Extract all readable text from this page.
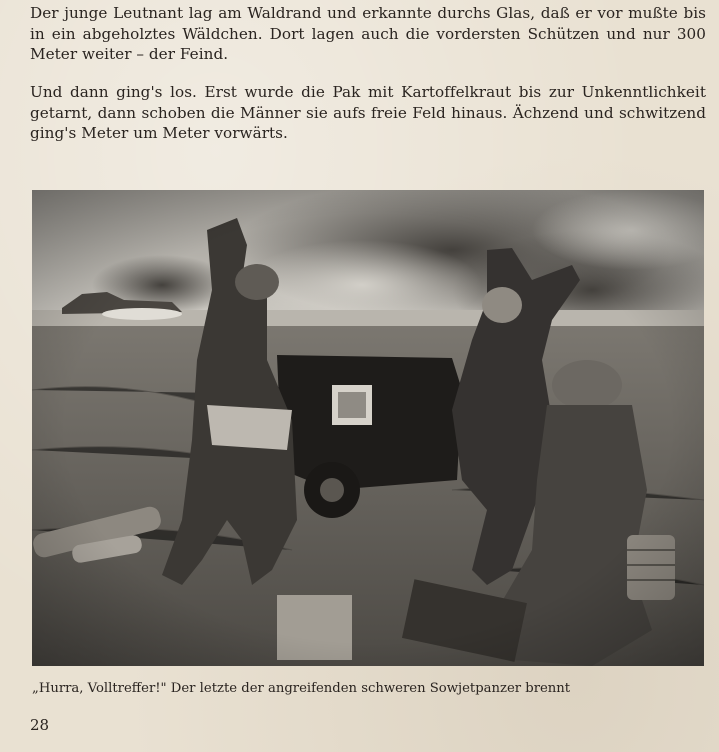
Der junge Leutnant lag am Waldrand und erkannte durchs Glas, daß er vor mußte bis in ein abgeholztes Wäldchen. Dort lagen auch die vordersten Schützen und nur 300 Meter weiter – der Feind.

Und dann ging's los. Erst wurde die Pak mit Kartoffelkraut bis zur Unkenntlichkeit getarnt, dann schoben die Männer sie aufs freie Feld hinaus. Ächzend und schwitzend ging's Meter um Meter vorwärts.

„Hurra, Volltreffer!" Der letzte der angreifenden schweren Sowjetpanzer brennt

28
